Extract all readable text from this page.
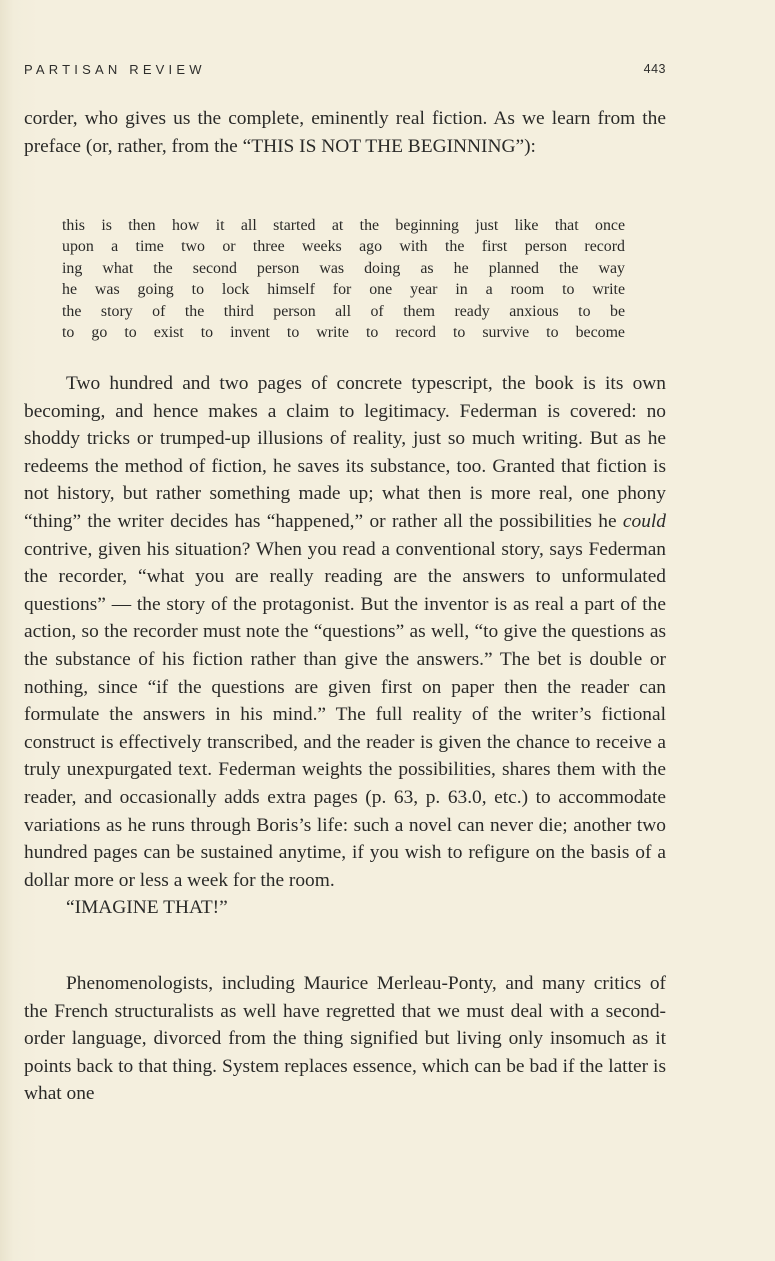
PARTISAN REVIEW	443
corder, who gives us the complete, eminently real fiction. As we learn from the preface (or, rather, from the “THIS IS NOT THE BEGINNING”):
this is then how it all started at the beginning just like that once
upon a time two or three weeks ago with the first person record
ing what the second person was doing as he planned the way
he was going to lock himself for one year in a room to write
the story of the third person all of them ready anxious to be
to go to exist to invent to write to record to survive to become
Two hundred and two pages of concrete typescript, the book is its own becoming, and hence makes a claim to legitimacy. Federman is covered: no shoddy tricks or trumped-up illusions of reality, just so much writing. But as he redeems the method of fiction, he saves its substance, too. Granted that fiction is not history, but rather something made up; what then is more real, one phony “thing” the writer decides has “happened,” or rather all the possibilities he could contrive, given his situation? When you read a conventional story, says Federman the recorder, “what you are really reading are the answers to unformulated questions” — the story of the protagonist. But the inventor is as real a part of the action, so the recorder must note the “questions” as well, “to give the questions as the substance of his fiction rather than give the answers.” The bet is double or nothing, since “if the questions are given first on paper then the reader can formulate the answers in his mind.” The full reality of the writer’s fictional construct is effectively transcribed, and the reader is given the chance to receive a truly unexpurgated text. Federman weights the possibilities, shares them with the reader, and occasionally adds extra pages (p. 63, p. 63.0, etc.) to accommodate variations as he runs through Boris’s life: such a novel can never die; another two hundred pages can be sustained anytime, if you wish to refigure on the basis of a dollar more or less a week for the room.
“IMAGINE THAT!”
Phenomenologists, including Maurice Merleau-Ponty, and many critics of the French structuralists as well have regretted that we must deal with a second-order language, divorced from the thing signified but living only insomuch as it points back to that thing. System replaces essence, which can be bad if the latter is what one
